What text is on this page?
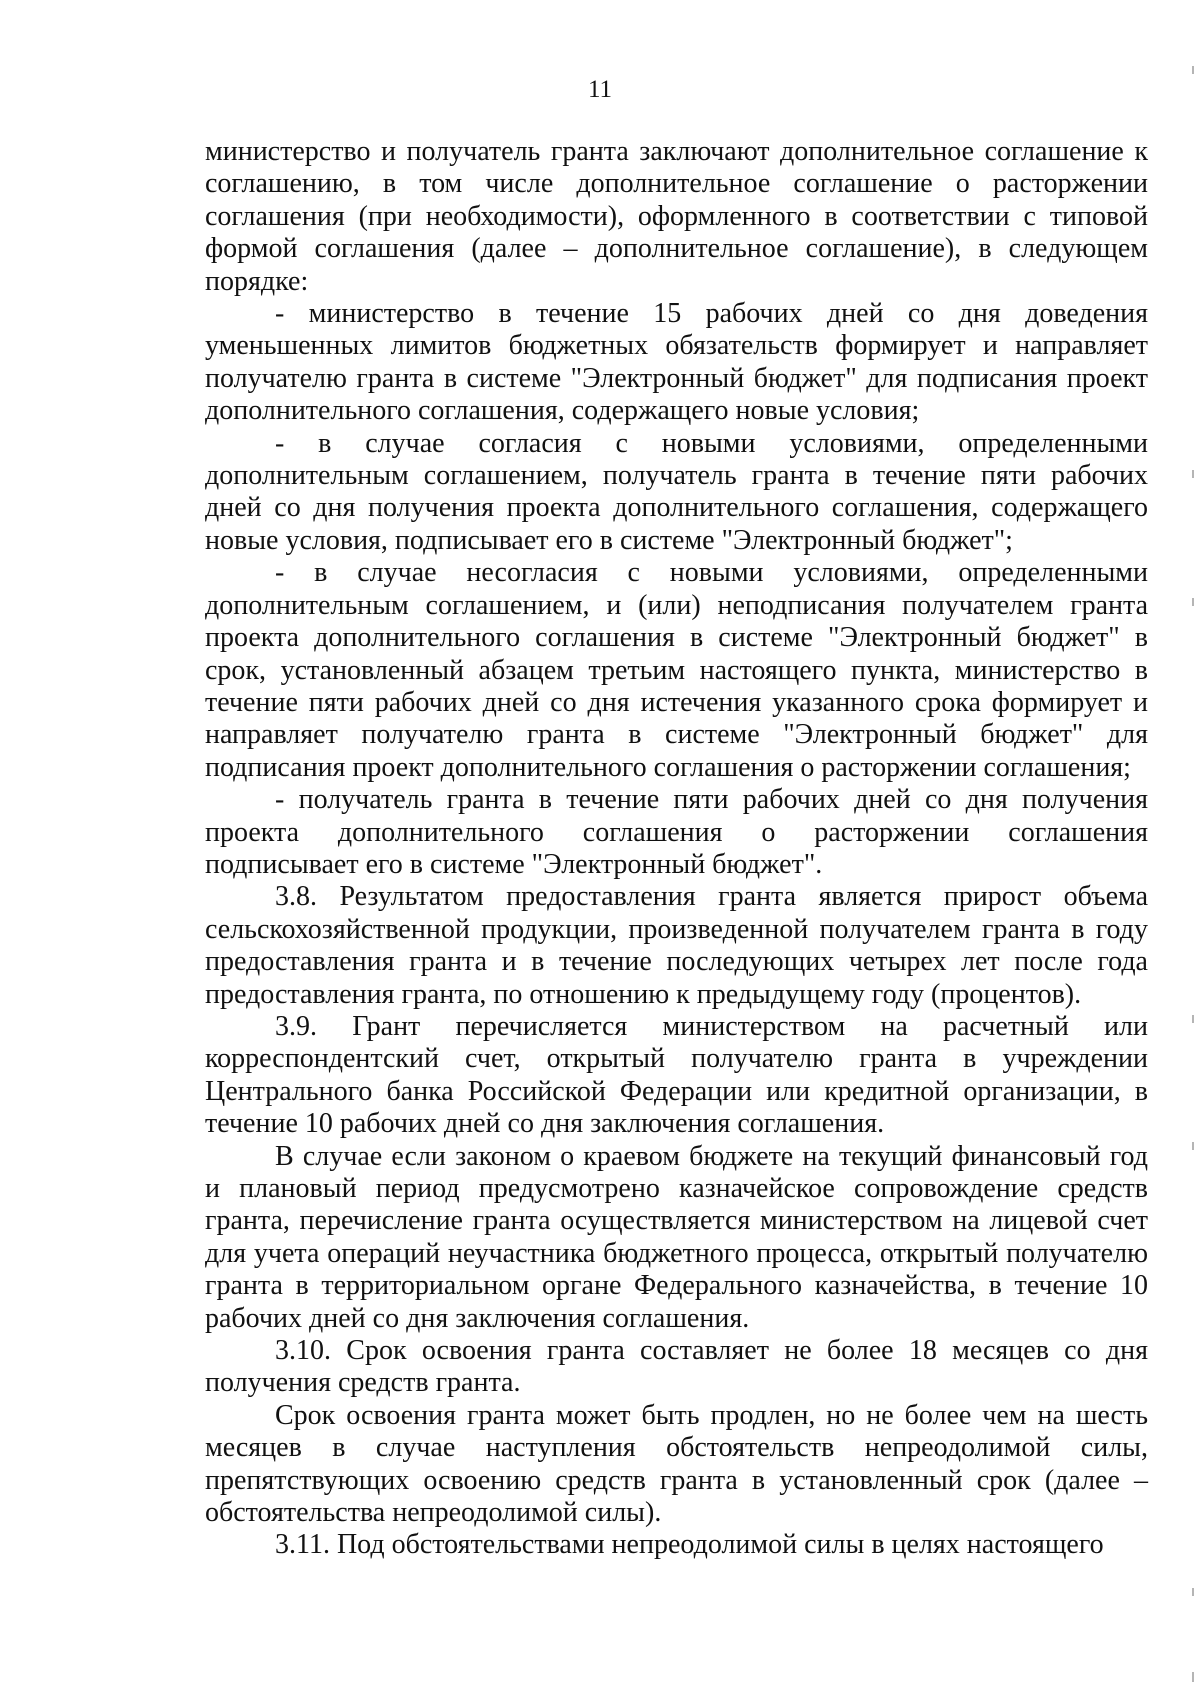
11

министерство и получатель гранта заключают дополнительное соглашение к соглашению, в том числе дополнительное соглашение о расторжении соглашения (при необходимости), оформленного в соответствии с типовой формой соглашения (далее – дополнительное соглашение), в следующем порядке:

- министерство в течение 15 рабочих дней со дня доведения уменьшенных лимитов бюджетных обязательств формирует и направляет получателю гранта в системе "Электронный бюджет" для подписания проект дополнительного соглашения, содержащего новые условия;

- в случае согласия с новыми условиями, определенными дополнительным соглашением, получатель гранта в течение пяти рабочих дней со дня получения проекта дополнительного соглашения, содержащего новые условия, подписывает его в системе "Электронный бюджет";

- в случае несогласия с новыми условиями, определенными дополнительным соглашением, и (или) неподписания получателем гранта проекта дополнительного соглашения в системе "Электронный бюджет" в срок, установленный абзацем третьим настоящего пункта, министерство в течение пяти рабочих дней со дня истечения указанного срока формирует и направляет получателю гранта в системе "Электронный бюджет" для подписания проект дополнительного соглашения о расторжении соглашения;

- получатель гранта в течение пяти рабочих дней со дня получения проекта дополнительного соглашения о расторжении соглашения подписывает его в системе "Электронный бюджет".

3.8. Результатом предоставления гранта является прирост объема сельскохозяйственной продукции, произведенной получателем гранта в году предоставления гранта и в течение последующих четырех лет после года предоставления гранта, по отношению к предыдущему году (процентов).

3.9. Грант перечисляется министерством на расчетный или корреспондентский счет, открытый получателю гранта в учреждении Центрального банка Российской Федерации или кредитной организации, в течение 10 рабочих дней со дня заключения соглашения.

В случае если законом о краевом бюджете на текущий финансовый год и плановый период предусмотрено казначейское сопровождение средств гранта, перечисление гранта осуществляется министерством на лицевой счет для учета операций неучастника бюджетного процесса, открытый получателю гранта в территориальном органе Федерального казначейства, в течение 10 рабочих дней со дня заключения соглашения.

3.10. Срок освоения гранта составляет не более 18 месяцев со дня получения средств гранта.

Срок освоения гранта может быть продлен, но не более чем на шесть месяцев в случае наступления обстоятельств непреодолимой силы, препятствующих освоению средств гранта в установленный срок (далее – обстоятельства непреодолимой силы).

3.11. Под обстоятельствами непреодолимой силы в целях настоящего
